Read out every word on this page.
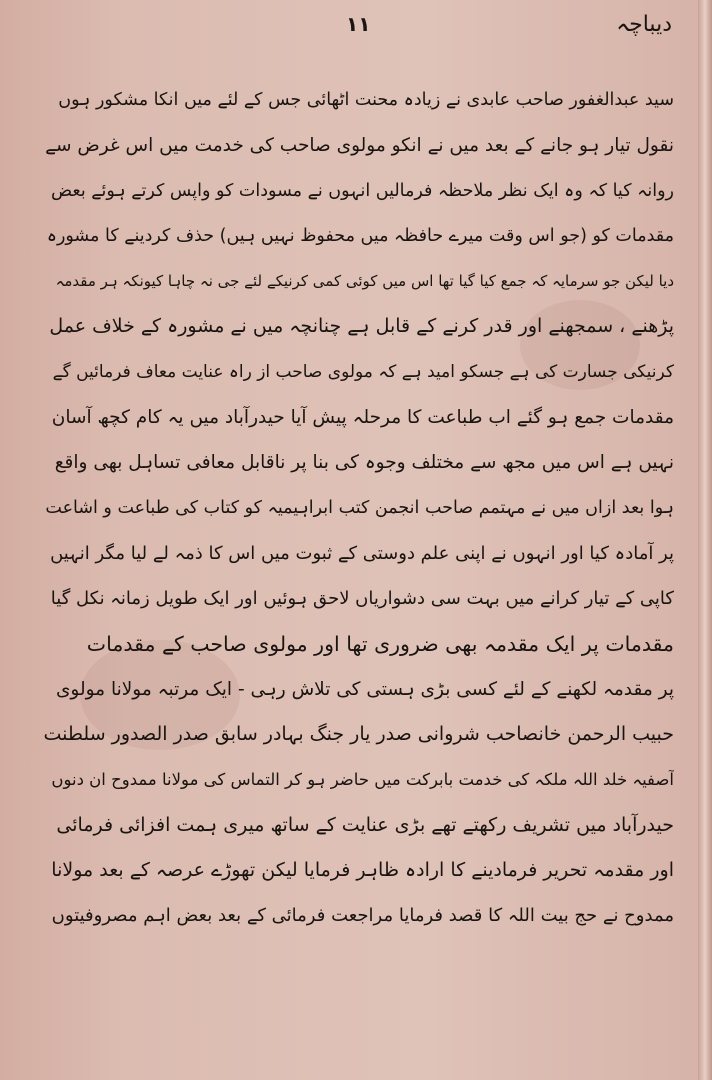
دیباچہ
۱۱
سید عبدالغفور صاحب عابدی نے زیادہ محنت اٹھائی جس کے لئے میں انکا مشکور ہوں
نقول تیار ہو جانے کے بعد میں نے انکو مولوی صاحب کی خدمت میں اس غرض سے
روانہ کیا کہ وہ ایک نظر ملاحظہ فرمالیں انہوں نے مسودات کو واپس کرتے ہوئے بعض
مقدمات کو (جو اس وقت میرے حافظہ میں محفوظ نہیں ہیں) حذف کردینے کا مشورہ
دیا لیکن جو سرمایہ کہ جمع کیا گیا تھا اس میں کوئی کمی کرنیکے لئے جی نہ چاہا کیونکہ ہر مقدمہ
پڑھنے ، سمجھنے اور قدر کرنے کے قابل ہے چنانچہ میں نے مشورہ کے خلاف عمل
کرنیکی جسارت کی ہے جسکو امید ہے کہ مولوی صاحب از راہ عنایت معاف فرمائیں گے
مقدمات جمع ہو گئے اب طباعت کا مرحلہ پیش آیا حیدرآباد میں یہ کام کچھ آسان
نہیں ہے اس میں مجھ سے مختلف وجوہ کی بنا پر ناقابل معافی تساہل بھی واقع
ہوا بعد ازاں میں نے مہتمم صاحب انجمن کتب ابراہیمیہ کو کتاب کی طباعت و اشاعت
پر آمادہ کیا اور انہوں نے اپنی علم دوستی کے ثبوت میں اس کا ذمہ لے لیا مگر انہیں
کاپی کے تیار کرانے میں بہت سی دشواریاں لاحق ہوئیں اور ایک طویل زمانہ نکل گیا
مقدمات پر ایک مقدمہ بھی ضروری تھا اور مولوی صاحب کے مقدمات
پر مقدمہ لکھنے کے لئے کسی بڑی ہستی کی تلاش رہی - ایک مرتبہ مولانا مولوی
حبیب الرحمن خانصاحب شروانی صدر یار جنگ بہادر سابق صدر الصدور سلطنت
آصفیہ خلد اللہ ملکہ کی خدمت بابرکت میں حاضر ہو کر التماس کی مولانا ممدوح ان دنوں
حیدرآباد میں تشریف رکھتے تھے بڑی عنایت کے ساتھ میری ہمت افزائی فرمائی
اور مقدمہ تحریر فرمادینے کا ارادہ ظاہر فرمایا لیکن تھوڑے عرصہ کے بعد مولانا
ممدوح نے حج بیت اللہ کا قصد فرمایا مراجعت فرمائی کے بعد بعض اہم مصروفیتوں
